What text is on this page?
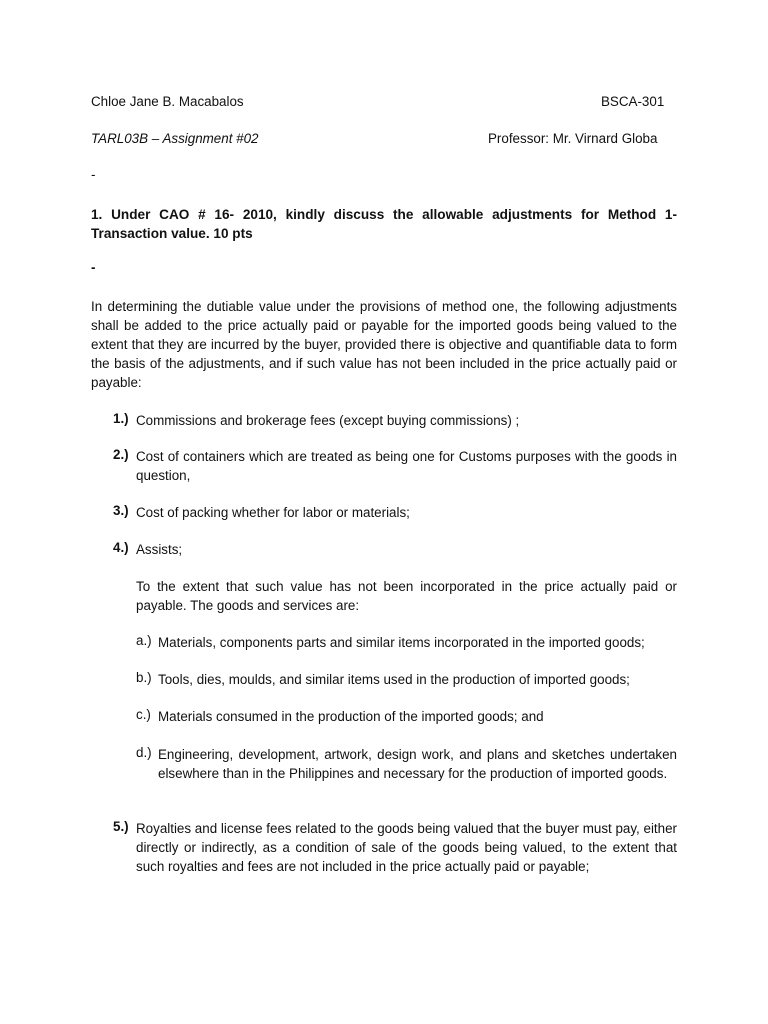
Chloe Jane B. Macabalos	BSCA-301
TARL03B – Assignment #02	Professor: Mr. Virnard Globa
-
1. Under CAO # 16- 2010, kindly discuss the allowable adjustments for Method 1- Transaction value. 10 pts
-
In determining the dutiable value under the provisions of method one, the following adjustments shall be added to the price actually paid or payable for the imported goods being valued to the extent that they are incurred by the buyer, provided there is objective and quantifiable data to form the basis of the adjustments, and if such value has not been included in the price actually paid or payable:
1.) Commissions and brokerage fees (except buying commissions) ;
2.) Cost of containers which are treated as being one for Customs purposes with the goods in question,
3.) Cost of packing whether for labor or materials;
4.) Assists;
To the extent that such value has not been incorporated in the price actually paid or payable. The goods and services are:
a.) Materials, components parts and similar items incorporated in the imported goods;
b.) Tools, dies, moulds, and similar items used in the production of imported goods;
c.) Materials consumed in the production of the imported goods; and
d.) Engineering, development, artwork, design work, and plans and sketches undertaken elsewhere than in the Philippines and necessary for the production of imported goods.
5.) Royalties and license fees related to the goods being valued that the buyer must pay, either directly or indirectly, as a condition of sale of the goods being valued, to the extent that such royalties and fees are not included in the price actually paid or payable;
